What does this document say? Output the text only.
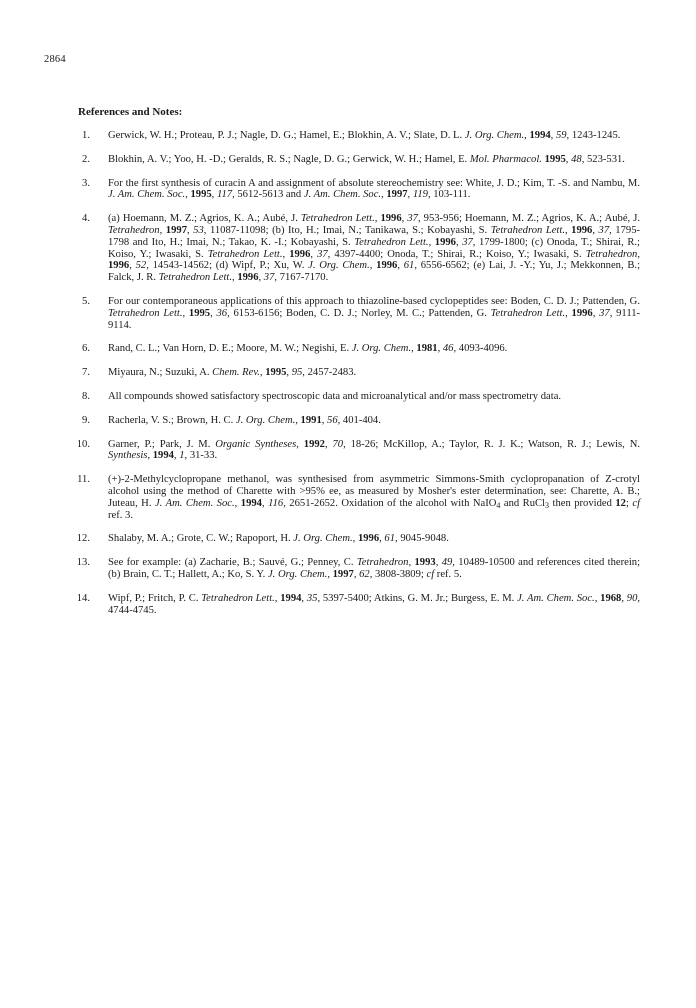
2864
References and Notes:
1. Gerwick, W. H.; Proteau, P. J.; Nagle, D. G.; Hamel, E.; Blokhin, A. V.; Slate, D. L. J. Org. Chem., 1994, 59, 1243-1245.
2. Blokhin, A. V.; Yoo, H. -D.; Geralds, R. S.; Nagle, D. G.; Gerwick, W. H.; Hamel, E. Mol. Pharmacol. 1995, 48, 523-531.
3. For the first synthesis of curacin A and assignment of absolute stereochemistry see: White, J. D.; Kim, T. -S. and Nambu, M. J. Am. Chem. Soc., 1995, 117, 5612-5613 and J. Am. Chem. Soc., 1997, 119, 103-111.
4. (a) Hoemann, M. Z.; Agrios, K. A.; Aubé, J. Tetrahedron Lett., 1996, 37, 953-956; Hoemann, M. Z.; Agrios, K. A.; Aubé, J. Tetrahedron, 1997, 53, 11087-11098; (b) Ito, H.; Imai, N.; Tanikawa, S.; Kobayashi, S. Tetrahedron Lett., 1996, 37, 1795-1798 and Ito, H.; Imai, N.; Takao, K. -I.; Kobayashi, S. Tetrahedron Lett., 1996, 37, 1799-1800; (c) Onoda, T.; Shirai, R.; Koiso, Y.; Iwasaki, S. Tetrahedron Lett., 1996, 37, 4397-4400; Onoda, T.; Shirai, R.; Koiso, Y.; Iwasaki, S. Tetrahedron, 1996, 52, 14543-14562; (d) Wipf, P.; Xu, W. J. Org. Chem., 1996, 61, 6556-6562; (e) Lai, J. -Y.; Yu, J.; Mekkonnen, B.; Falck, J. R. Tetrahedron Lett., 1996, 37, 7167-7170.
5. For our contemporaneous applications of this approach to thiazoline-based cyclopeptides see: Boden, C. D. J.; Pattenden, G. Tetrahedron Lett., 1995, 36, 6153-6156; Boden, C. D. J.; Norley, M. C.; Pattenden, G. Tetrahedron Lett., 1996, 37, 9111-9114.
6. Rand, C. L.; Van Horn, D. E.; Moore, M. W.; Negishi, E. J. Org. Chem., 1981, 46, 4093-4096.
7. Miyaura, N.; Suzuki, A. Chem. Rev., 1995, 95, 2457-2483.
8. All compounds showed satisfactory spectroscopic data and microanalytical and/or mass spectrometry data.
9. Racherla, V. S.; Brown, H. C. J. Org. Chem., 1991, 56, 401-404.
10. Garner, P.; Park, J. M. Organic Syntheses, 1992, 70, 18-26; McKillop, A.; Taylor, R. J. K.; Watson, R. J.; Lewis, N. Synthesis, 1994, 1, 31-33.
11. (+)-2-Methylcyclopropane methanol, was synthesised from asymmetric Simmons-Smith cyclopropanation of Z-crotyl alcohol using the method of Charette with >95% ee, as measured by Mosher's ester determination, see: Charette, A. B.; Juteau, H. J. Am. Chem. Soc., 1994, 116, 2651-2652. Oxidation of the alcohol with NaIO$_4$ and RuCl$_3$ then provided 12; cf ref. 3.
12. Shalaby, M. A.; Grote, C. W.; Rapoport, H. J. Org. Chem., 1996, 61, 9045-9048.
13. See for example: (a) Zacharie, B.; Sauvé, G.; Penney, C. Tetrahedron, 1993, 49, 10489-10500 and references cited therein; (b) Brain, C. T.; Hallett, A.; Ko, S. Y. J. Org. Chem., 1997, 62, 3808-3809; cf ref. 5.
14. Wipf, P.; Fritch, P. C. Tetrahedron Lett., 1994, 35, 5397-5400; Atkins, G. M. Jr.; Burgess, E. M. J. Am. Chem. Soc., 1968, 90, 4744-4745.
